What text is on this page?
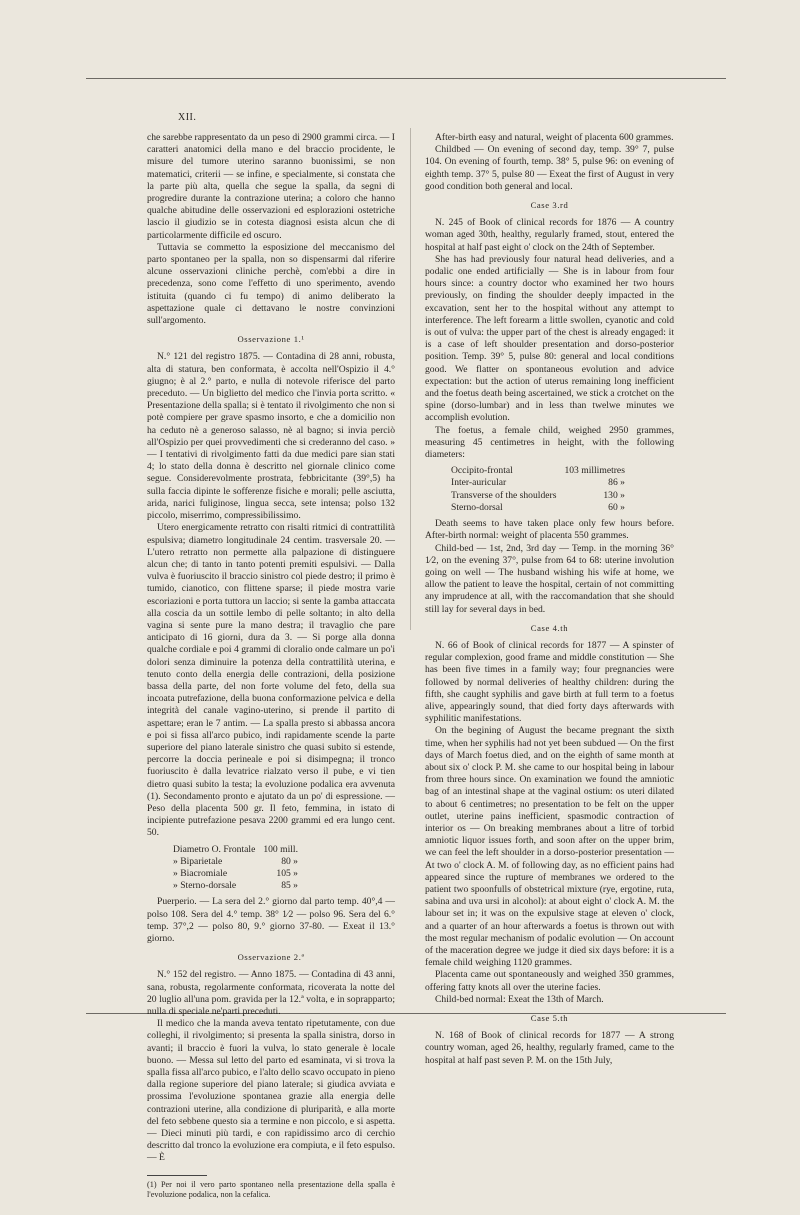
XII.

che sarebbe rappresentato da un peso di 2900 grammi circa. — I caratteri anatomici della mano e del braccio procidente, le misure del tumore uterino saranno buonissimi, se non matematici, criterii — se infine, e specialmente, si constata che la parte più alta, quella che segue la spalla, da segni di progredire durante la contrazione uterina; a coloro che hanno qualche abitudine delle osservazioni ed esplorazioni ostetriche lascio il giudizio se in cotesta diagnosi esista alcun che di particolarmente difficile ed oscuro.

Tuttavia se commetto la esposizione del meccanismo del parto spontaneo per la spalla, non so dispensarmi dal riferire alcune osservazioni cliniche perchè, com'ebbi a dire in precedenza, sono come l'effetto di uno sperimento, avendo istituita (quando ci fu tempo) di animo deliberato la aspettazione quale ci dettavano le nostre convinzioni sull'argomento.

Osservazione 1.¹

N.° 121 del registro 1875. — Contadina di 28 anni, robusta, alta di statura, ben conformata, è accolta nell'Ospizio il 4.° giugno; è al 2.° parto, e nulla di notevole riferisce del parto preceduto. — Un biglietto del medico che l'invia porta scritto. « Presentazione della spalla; si è tentato il rivolgimento che non si potè compiere per grave spasmo insorto, e che a domicilio non ha ceduto nè a generoso salasso, nè al bagno; si invia perciò all'Ospizio per quei provvedimenti che si crederanno del caso. » — I tentativi di rivolgimento fatti da due medici pare sian stati 4; lo stato della donna è descritto nel giornale clinico come segue. Considerevolmente prostrata, febbricitante (39°,5) ha sulla faccia dipinte le sofferenze fisiche e morali; pelle asciutta, arida, narici fuliginose, lingua secca, sete intensa; polso 132 piccolo, miserrimo, compressibilissimo.

Utero energicamente retratto con risalti ritmici di contrattilità espulsiva; diametro longitudinale 24 centim. trasversale 20. — L'utero retratto non permette alla palpazione di distinguere alcun che; di tanto in tanto potenti premiti espulsivi. — Dalla vulva è fuoriuscito il braccio sinistro col piede destro; il primo è tumido, cianotico, con flittene sparse; il piede mostra varie escoriazioni e porta tuttora un laccio; si sente la gamba attaccata alla coscia da un sottile lembo di pelle soltanto; in alto della vagina si sente pure la mano destra; il travaglio che pare anticipato di 16 giorni, dura da 3. — Si porge alla donna qualche cordiale e poi 4 grammi di cloralio onde calmare un po'i dolori senza diminuire la potenza della contrattilità uterina, e tenuto conto della energia delle contrazioni, della posizione bassa della parte, del non forte volume del feto, della sua incoata putrefazione, della buona conformazione pelvica e della integrità del canale vagino-uterino, si prende il partito di aspettare; eran le 7 antim. — La spalla presto si abbassa ancora e poi si fissa all'arco pubico, indi rapidamente scende la parte superiore del piano laterale sinistro che quasi subito si estende, percorre la doccia perineale e poi si disimpegna; il tronco fuoriuscito è dalla levatrice rialzato verso il pube, e vi tien dietro quasi subito la testa; la evoluzione podalica era avvenuta (1). Secondamento pronto e ajutato da un po' di espressione. — Peso della placenta 500 gr. Il feto, femmina, in istato di incipiente putrefazione pesava 2200 grammi ed era lungo cent. 50.

Diametro O. Frontale	100 mill.
» Biparietale	80 »
» Biacromiale	105 »
» Sterno-dorsale	85 »

Puerperio. — La sera del 2.° giorno dal parto temp. 40°,4 — polso 108. Sera del 4.° temp. 38° 1⁄2 — polso 96. Sera del 6.° temp. 37°,2 — polso 80, 9.° giorno 37-80. — Exeat il 13.° giorno.

Osservazione 2.ª

N.° 152 del registro. — Anno 1875. — Contadina di 43 anni, sana, robusta, regolarmente conformata, ricoverata la notte del 20 luglio all'una pom. gravida per la 12.ª volta, e in soprapparto; nulla di speciale ne'parti preceduti.

Il medico che la manda aveva tentato ripetutamente, con due colleghi, il rivolgimento; si presenta la spalla sinistra, dorso in avanti; il braccio è fuori la vulva, lo stato generale è locale buono. — Messa sul letto del parto ed esaminata, vi si trova la spalla fissa all'arco pubico, e l'alto dello scavo occupato in pieno dalla regione superiore del piano laterale; si giudica avviata e prossima l'evoluzione spontanea grazie alla energia delle contrazioni uterine, alla condizione di pluriparità, e alla morte del feto sebbene questo sia a termine e non piccolo, e si aspetta. — Dieci minuti più tardi, e con rapidissimo arco di cerchio descritto dal tronco la evoluzione era compiuta, e il feto espulso. — È

(1) Per noi il vero parto spontaneo nella presentazione della spalla è l'evoluzione podalica, non la cefalica.

After-birth easy and natural, weight of placenta 600 grammes.

Childbed — On evening of second day, temp. 39° 7, pulse 104. On evening of fourth, temp. 38° 5, pulse 96: on evening of eighth temp. 37° 5, pulse 80 — Exeat the first of August in very good condition both general and local.

Case 3.rd

N. 245 of Book of clinical records for 1876 — A country woman aged 30th, healthy, regularly framed, stout, entered the hospital at half past eight o' clock on the 24th of September.

She has had previously four natural head deliveries, and a podalic one ended artificially — She is in labour from four hours since: a country doctor who examined her two hours previously, on finding the shoulder deeply impacted in the excavation, sent her to the hospital without any attempt to interference. The left forearm a little swollen, cyanotic and cold is out of vulva: the upper part of the chest is already engaged: it is a case of left shoulder presentation and dorso-posterior position. Temp. 39° 5, pulse 80: general and local conditions good. We flatter on spontaneous evolution and advice expectation: but the action of uterus remaining long inefficient and the foetus death being ascertained, we stick a crotchet on the spine (dorso-lumbar) and in less than twelwe minutes we accomplish evolution.

The foetus, a female child, weighed 2950 grammes, measuring 45 centimetres in height, with the following diameters:

Occipito-frontal	103 millimetres
Inter-auricular	86 »
Transverse of the shoulders	130 »
Sterno-dorsal	60 »

Death seems to have taken place only few hours before. After-birth normal: weight of placenta 550 grammes.

Child-bed — 1st, 2nd, 3rd day — Temp. in the morning 36° 1⁄2, on the evening 37°, pulse from 64 to 68: uterine involution going on well — The husband wishing his wife at home, we allow the patient to leave the hospital, certain of not committing any imprudence at all, with the raccomandation that she should still lay for several days in bed.

Case 4.th

N. 66 of Book of clinical records for 1877 — A spinster of regular complexion, good frame and middle constitution — She has been five times in a family way; four pregnancies were followed by normal deliveries of healthy children: during the fifth, she caught syphilis and gave birth at full term to a foetus alive, appearingly sound, that died forty days afterwards with syphilitic manifestations.

On the begining of August the became pregnant the sixth time, when her syphilis had not yet been subdued — On the first days of March foetus died, and on the eighth of same month at about six o' clock P. M. she came to our hospital being in labour from three hours since. On examination we found the amniotic bag of an intestinal shape at the vaginal ostium: os uteri dilated to about 6 centimetres; no presentation to be felt on the upper outlet, uterine pains inefficient, spasmodic contraction of interior os — On breaking membranes about a litre of torbid amniotic liquor issues forth, and soon after on the upper brim, we can feel the left shoulder in a dorso-posterior presentation — At two o' clock A. M. of following day, as no efficient pains had appeared since the rupture of membranes we ordered to the patient two spoonfulls of obstetrical mixture (rye, ergotine, ruta, sabina and uva ursi in alcohol): at about eight o' clock A. M. the labour set in; it was on the expulsive stage at eleven o' clock, and a quarter of an hour afterwards a foetus is thrown out with the most regular mechanism of podalic evolution — On account of the maceration degree we judge it died six days before: it is a female child weighing 1120 grammes.

Placenta came out spontaneously and weighed 350 grammes, offering fatty knots all over the uterine facies.

Child-bed normal: Exeat the 13th of March.

Case 5.th

N. 168 of Book of clinical records for 1877 — A strong country woman, aged 26, healthy, regularly framed, came to the hospital at half past seven P. M. on the 15th July,
